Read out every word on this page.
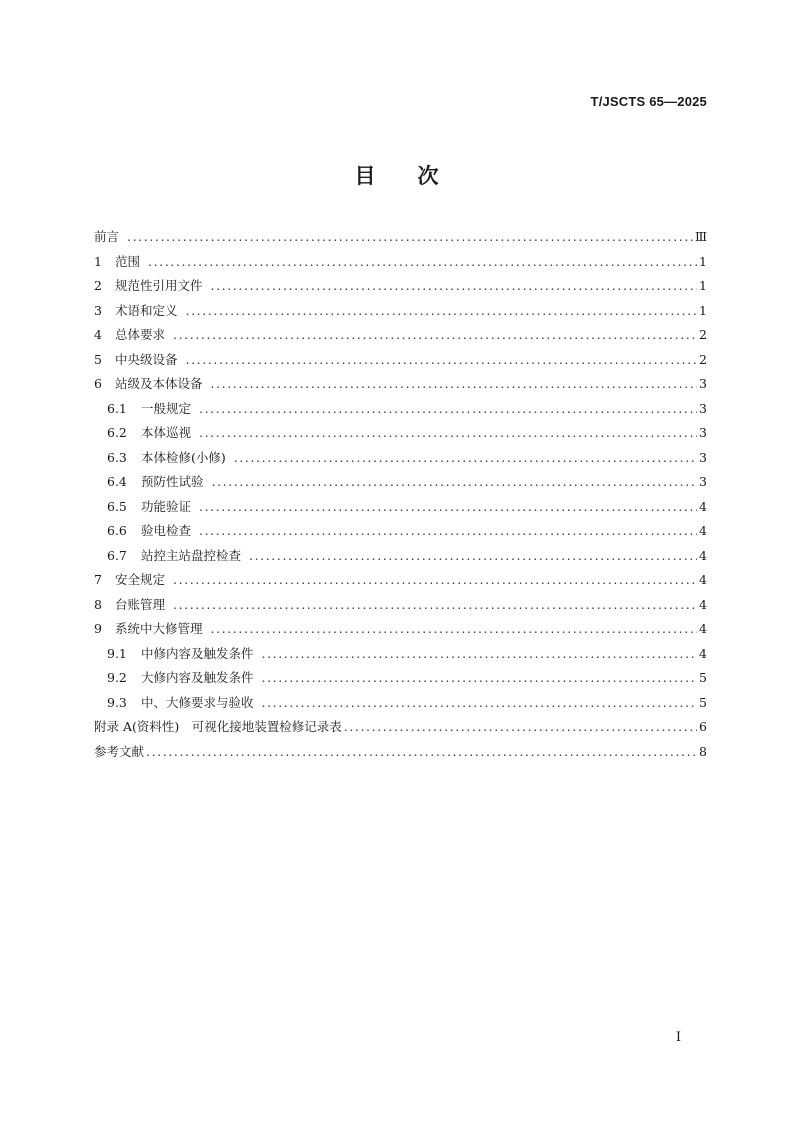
T/JSCTS 65—2025
目 次
前言 .....	Ⅲ
1	范围 .....	1
2	规范性引用文件 .....	1
3	术语和定义 .....	1
4	总体要求 .....	2
5	中央级设备 .....	2
6	站级及本体设备 .....	3
6.1	一般规定 .....	3
6.2	本体巡视 .....	3
6.3	本体检修(小修) .....	3
6.4	预防性试验 .....	3
6.5	功能验证 .....	4
6.6	验电检查 .....	4
6.7	站控主站盘控检查 .....	4
7	安全规定 .....	4
8	台账管理 .....	4
9	系统中大修管理 .....	4
9.1	中修内容及触发条件 .....	4
9.2	大修内容及触发条件 .....	5
9.3	中、大修要求与验收 .....	5
附录 A(资料性)　可视化接地装置检修记录表 .....	6
参考文献 .....	8
I
